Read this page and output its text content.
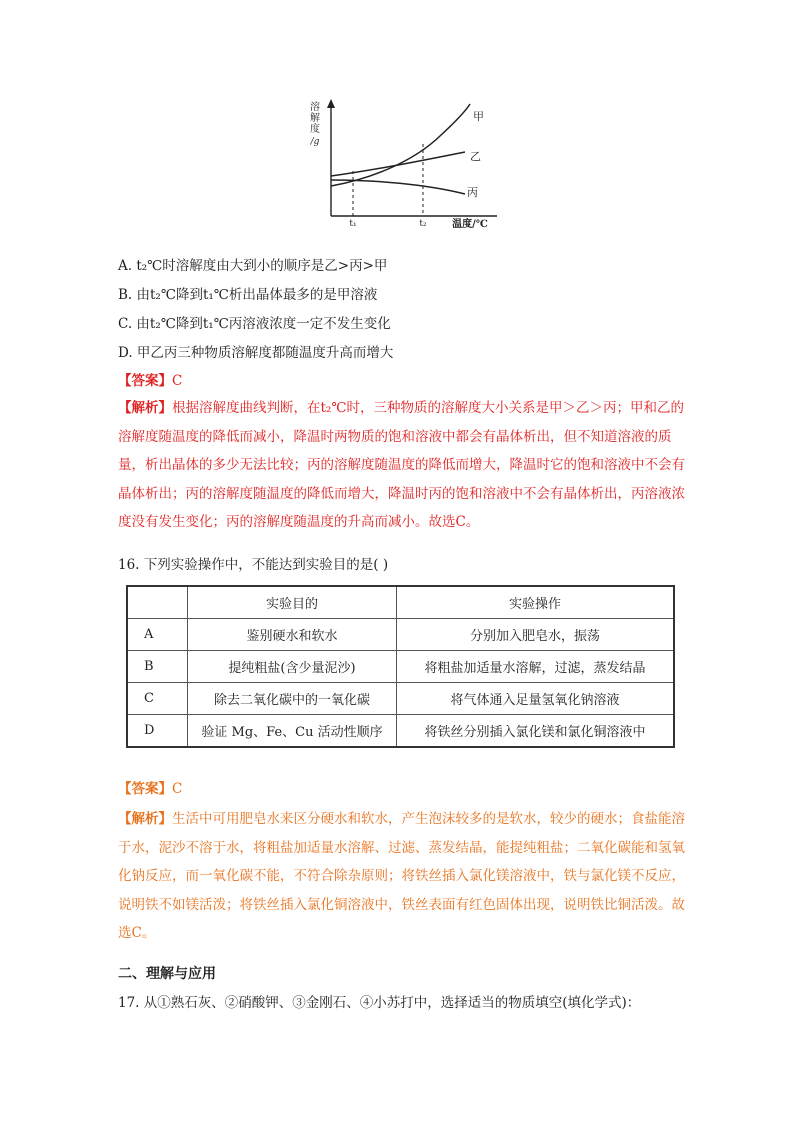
溶
解
度
/g
甲
乙
丙
t₁	t₂	温度/℃
A. t₂℃时溶解度由大到小的顺序是乙>丙>甲
B. 由t₂℃降到t₁℃析出晶体最多的是甲溶液
C. 由t₂℃降到t₁℃丙溶液浓度一定不发生变化
D. 甲乙丙三种物质溶解度都随温度升高而增大
【答案】C
【解析】根据溶解度曲线判断，在t₂℃时，三种物质的溶解度大小关系是甲＞乙＞丙；甲和乙的溶解度随温度的降低而减小，降温时两物质的饱和溶液中都会有晶体析出，但不知道溶液的质量，析出晶体的多少无法比较；丙的溶解度随温度的降低而增大，降温时它的饱和溶液中不会有晶体析出；丙的溶解度随温度的降低而增大，降温时丙的饱和溶液中不会有晶体析出，丙溶液浓度没有发生变化；丙的溶解度随温度的升高而减小。故选C。
16. 下列实验操作中，不能达到实验目的是( )
	实验目的	实验操作
A	鉴别硬水和软水	分别加入肥皂水，振荡
B	提纯粗盐(含少量泥沙)	将粗盐加适量水溶解，过滤，蒸发结晶
C	除去二氧化碳中的一氧化碳	将气体通入足量氢氧化钠溶液
D	验证 Mg、Fe、Cu 活动性顺序	将铁丝分别插入氯化镁和氯化铜溶液中
【答案】C
【解析】生活中可用肥皂水来区分硬水和软水，产生泡沫较多的是软水，较少的硬水；食盐能溶于水，泥沙不溶于水，将粗盐加适量水溶解、过滤、蒸发结晶，能提纯粗盐；二氧化碳能和氢氧化钠反应，而一氧化碳不能，不符合除杂原则；将铁丝插入氯化镁溶液中，铁与氯化镁不反应，说明铁不如镁活泼；将铁丝插入氯化铜溶液中，铁丝表面有红色固体出现，说明铁比铜活泼。故选C。
二、理解与应用
17. 从①熟石灰、②硝酸钾、③金刚石、④小苏打中，选择适当的物质填空(填化学式)：
